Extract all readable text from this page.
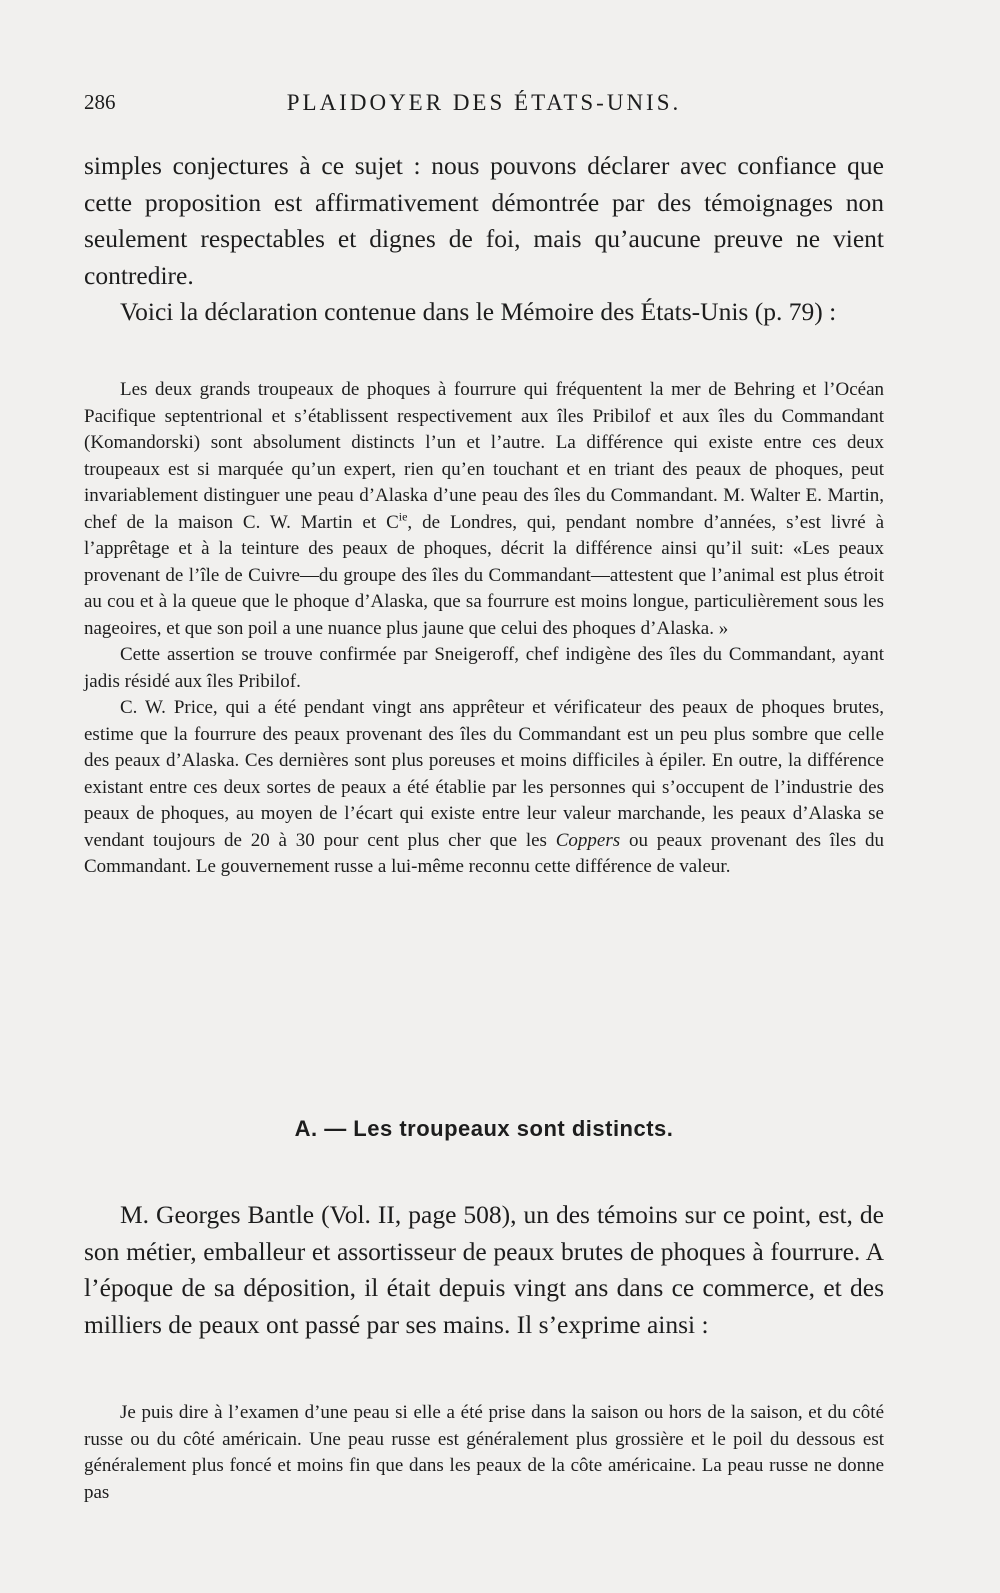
286	PLAIDOYER DES ÉTATS-UNIS.

simples conjectures à ce sujet : nous pouvons déclarer avec confiance que cette proposition est affirmativement démontrée par des témoignages non seulement respectables et dignes de foi, mais qu’aucune preuve ne vient contredire.

Voici la déclaration contenue dans le Mémoire des États-Unis (p. 79) :

Les deux grands troupeaux de phoques à fourrure qui fréquentent la mer de Behring et l’Océan Pacifique septentrional et s’établissent respectivement aux îles Pribilof et aux îles du Commandant (Komandorski) sont absolument distincts l’un et l’autre. La différence qui existe entre ces deux troupeaux est si marquée qu’un expert, rien qu’en touchant et en triant des peaux de phoques, peut invariablement distinguer une peau d’Alaska d’une peau des îles du Commandant. M. Walter E. Martin, chef de la maison C. W. Martin et $C^{ie}$, de Londres, qui, pendant nombre d’années, s’est livré à l’apprêtage et à la teinture des peaux de phoques, décrit la différence ainsi qu’il suit: «Les peaux provenant de l’île de Cuivre—du groupe des îles du Commandant—attestent que l’animal est plus étroit au cou et à la queue que le phoque d’Alaska, que sa fourrure est moins longue, particulièrement sous les nageoires, et que son poil a une nuance plus jaune que celui des phoques d’Alaska. »

Cette assertion se trouve confirmée par Sneigeroff, chef indigène des îles du Commandant, ayant jadis résidé aux îles Pribilof.

C. W. Price, qui a été pendant vingt ans apprêteur et vérificateur des peaux de phoques brutes, estime que la fourrure des peaux provenant des îles du Commandant est un peu plus sombre que celle des peaux d’Alaska. Ces dernières sont plus poreuses et moins difficiles à épiler. En outre, la différence existant entre ces deux sortes de peaux a été établie par les personnes qui s’occupent de l’industrie des peaux de phoques, au moyen de l’écart qui existe entre leur valeur marchande, les peaux d’Alaska se vendant toujours de 20 à 30 pour cent plus cher que les Coppers ou peaux provenant des îles du Commandant. Le gouvernement russe a lui-même reconnu cette différence de valeur.

A. — Les troupeaux sont distincts.

M. Georges Bantle (Vol. II, page 508), un des témoins sur ce point, est, de son métier, emballeur et assortisseur de peaux brutes de phoques à fourrure. A l’époque de sa déposition, il était depuis vingt ans dans ce commerce, et des milliers de peaux ont passé par ses mains. Il s’exprime ainsi :

Je puis dire à l’examen d’une peau si elle a été prise dans la saison ou hors de la saison, et du côté russe ou du côté américain. Une peau russe est généralement plus grossière et le poil du dessous est généralement plus foncé et moins fin que dans les peaux de la côte américaine. La peau russe ne donne pas
